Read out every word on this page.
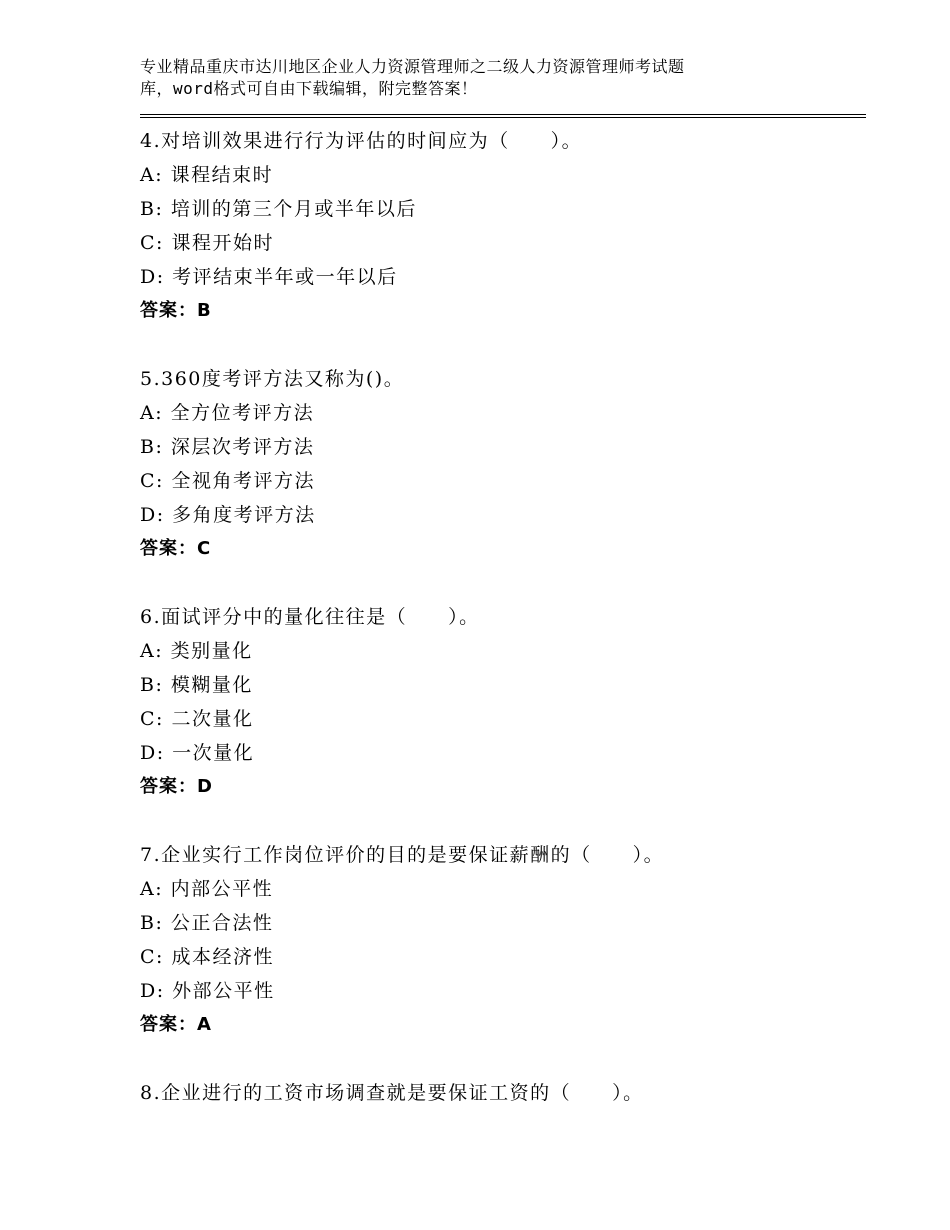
专业精品重庆市达川地区企业人力资源管理师之二级人力资源管理师考试题
库，word格式可自由下载编辑，附完整答案！
4.对培训效果进行行为评估的时间应为（　　）。
A: 课程结束时
B: 培训的第三个月或半年以后
C: 课程开始时
D: 考评结束半年或一年以后
答案：B
5.360度考评方法又称为()。
A: 全方位考评方法
B: 深层次考评方法
C: 全视角考评方法
D: 多角度考评方法
答案：C
6.面试评分中的量化往往是（　　）。
A: 类别量化
B: 模糊量化
C: 二次量化
D: 一次量化
答案：D
7.企业实行工作岗位评价的目的是要保证薪酬的（　　）。
A: 内部公平性
B: 公正合法性
C: 成本经济性
D: 外部公平性
答案：A
8.企业进行的工资市场调查就是要保证工资的（　　）。
